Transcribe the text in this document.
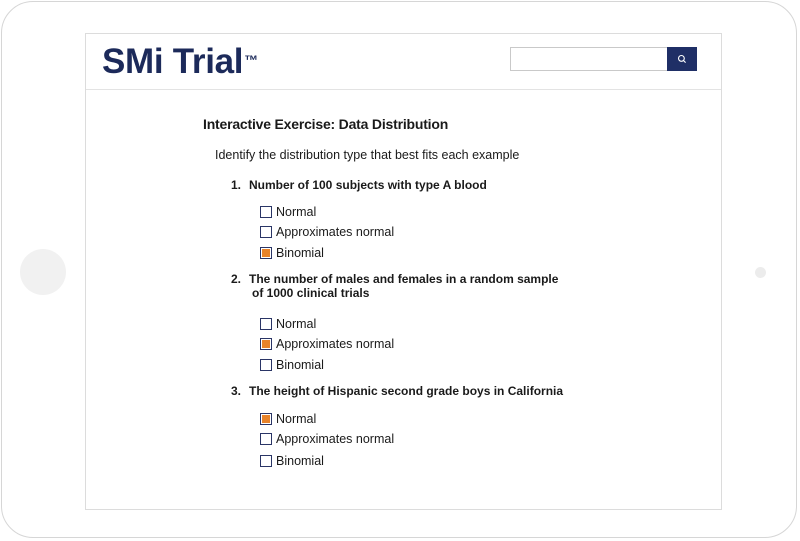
SMi Trial™
Interactive Exercise: Data Distribution
Identify the distribution type that best fits each example
1. Number of 100 subjects with type A blood
Normal
Approximates normal
Binomial
2. The number of males and females in a random sample
of 1000 clinical trials
Normal
Approximates normal
Binomial
3. The height of Hispanic second grade boys in California
Normal
Approximates normal
Binomial
